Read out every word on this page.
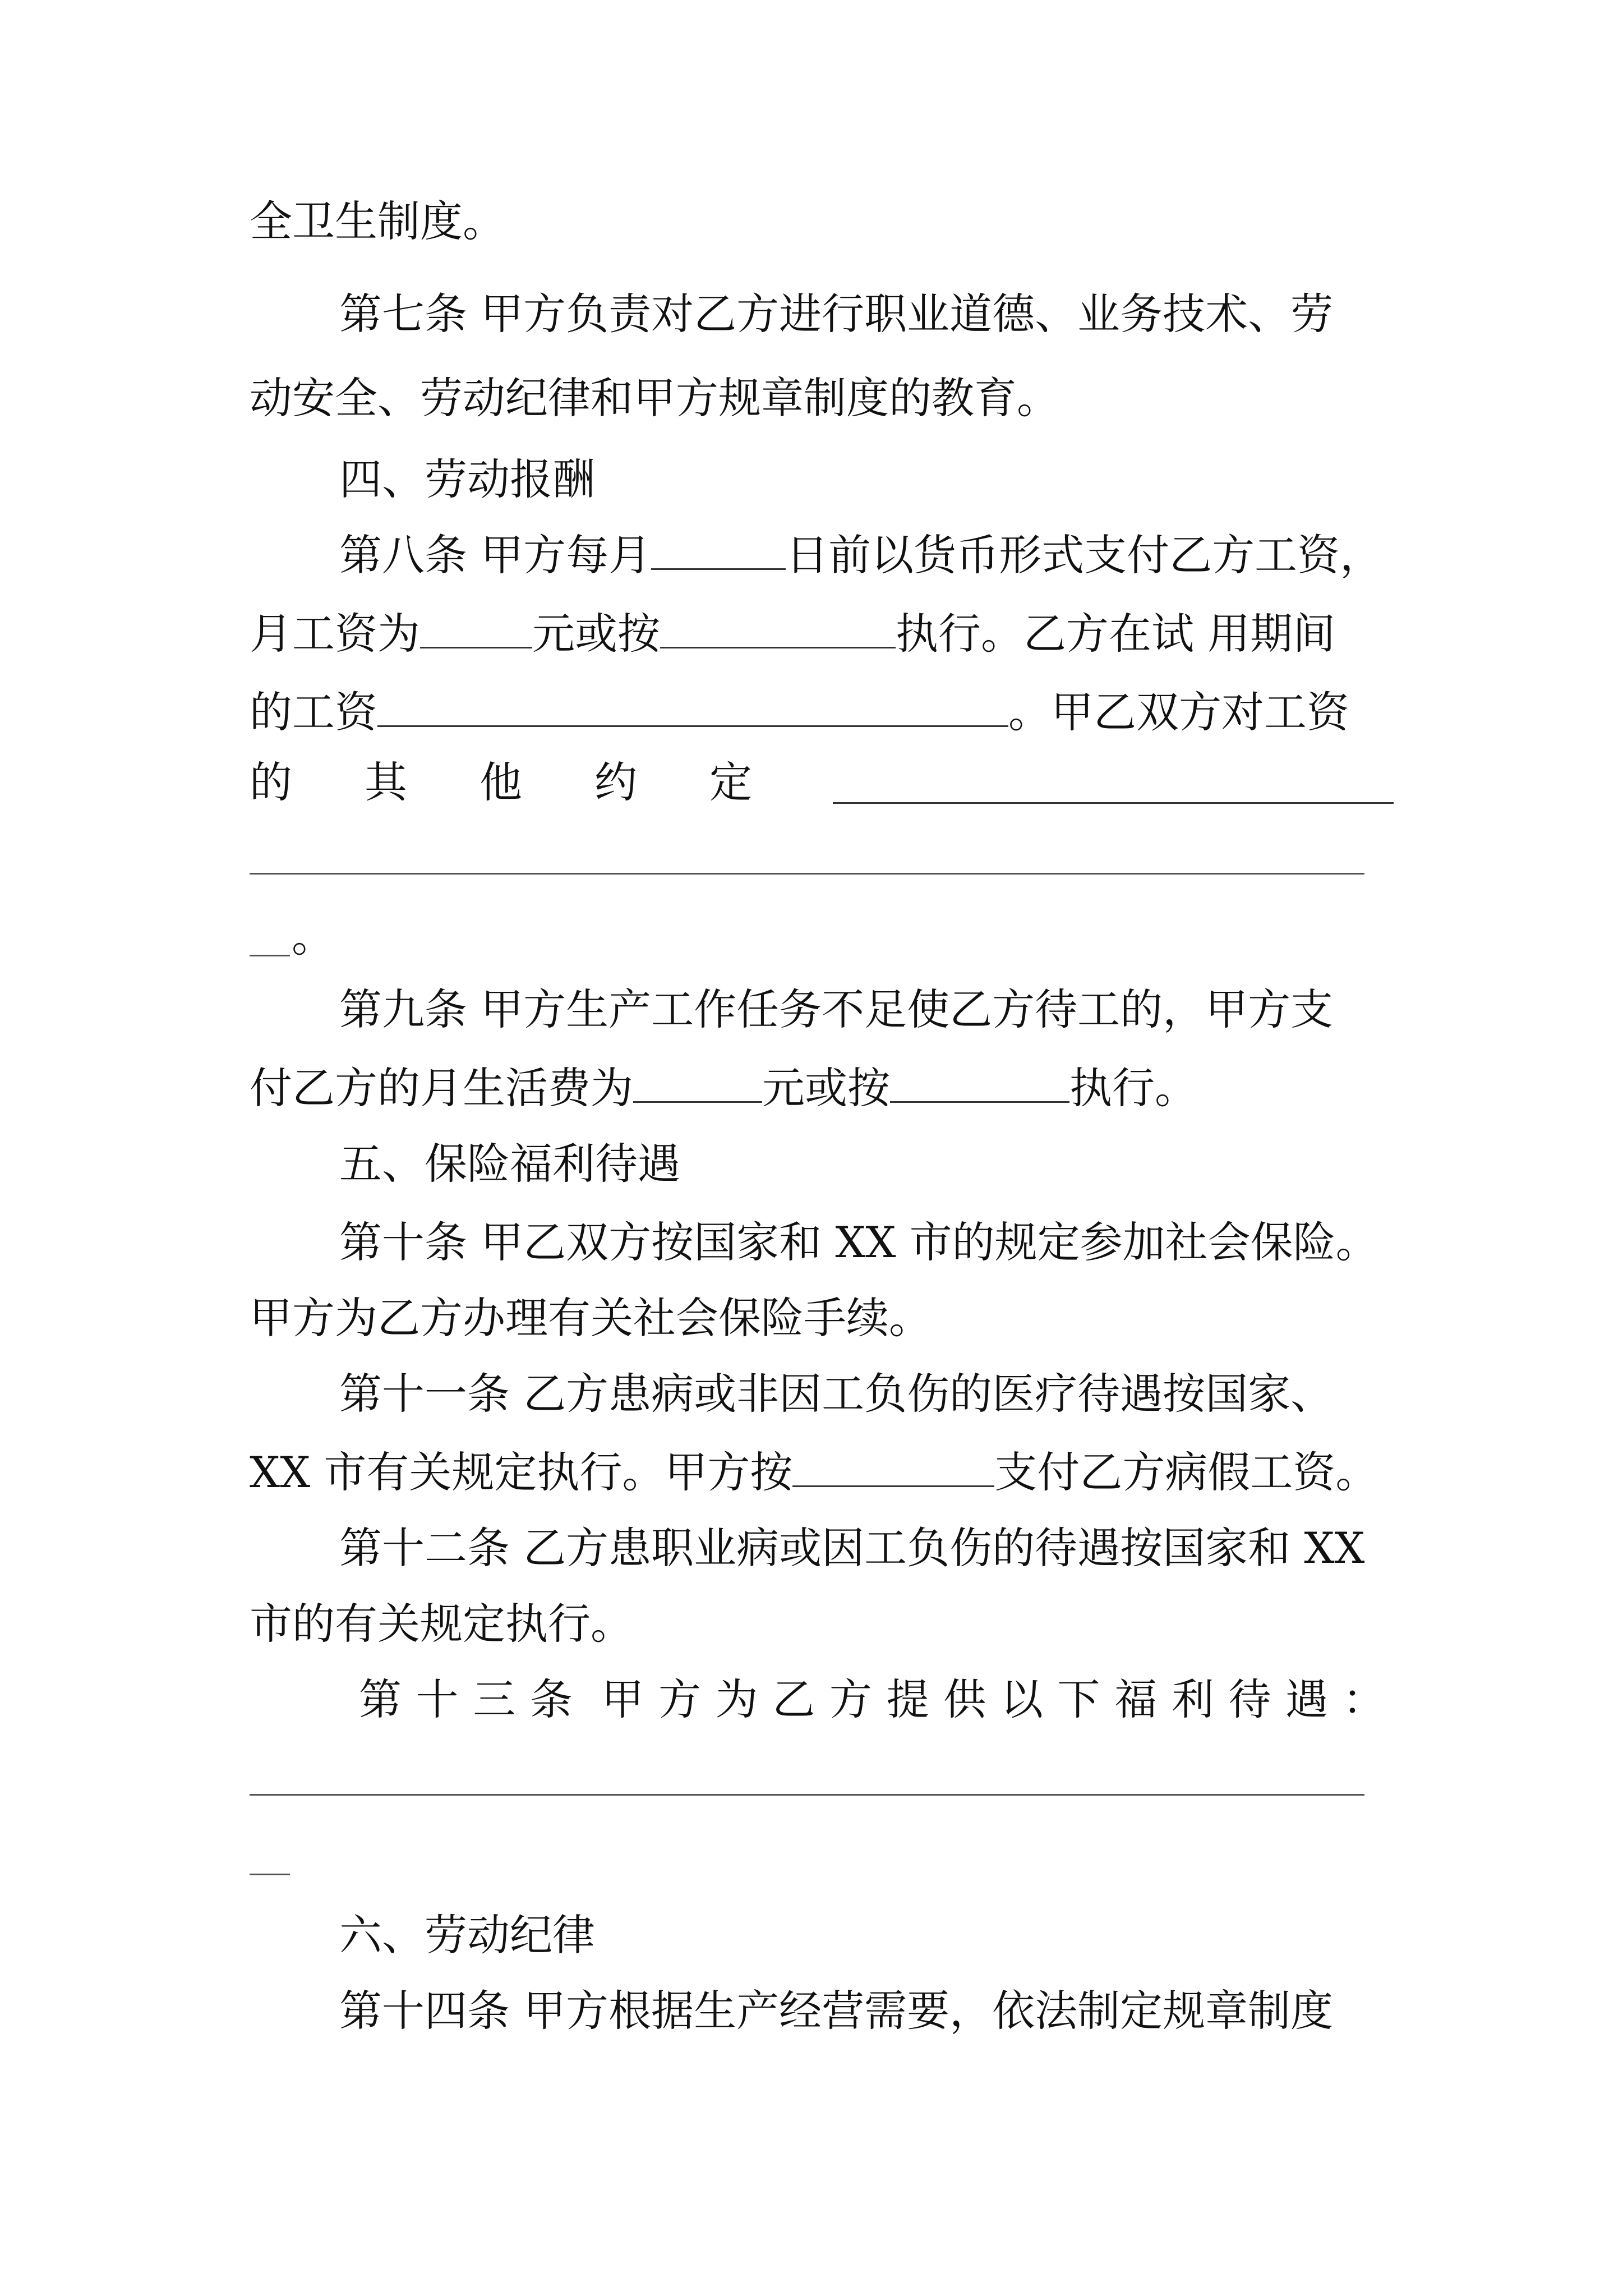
全卫生制度。
第七条 甲方负责对乙方进行职业道德、业务技术、劳
动安全、劳动纪律和甲方规章制度的教育。
四、劳动报酬
第八条 甲方每月	日前以货币形式支付乙方工资，
月工资为	元或按	执行。乙方在试 用期间
的工资	。甲乙双方对工资
的 其 他 约 定
。
第九条 甲方生产工作任务不足使乙方待工的，甲方支
付乙方的月生活费为	元或按	执行。
五、保险福利待遇
第十条 甲乙双方按国家和 XX 市的规定参加社会保险。
甲方为乙方办理有关社会保险手续。
第十一条 乙方患病或非因工负伤的医疗待遇按国家、
XX 市有关规定执行。甲方按	支付乙方病假工资。
第十二条 乙方患职业病或因工负伤的待遇按国家和 XX
市的有关规定执行。
第 十 三 条 甲 方 为 乙 方 提 供 以 下 福 利 待 遇 ：
六、劳动纪律
第十四条 甲方根据生产经营需要，依法制定规章制度
